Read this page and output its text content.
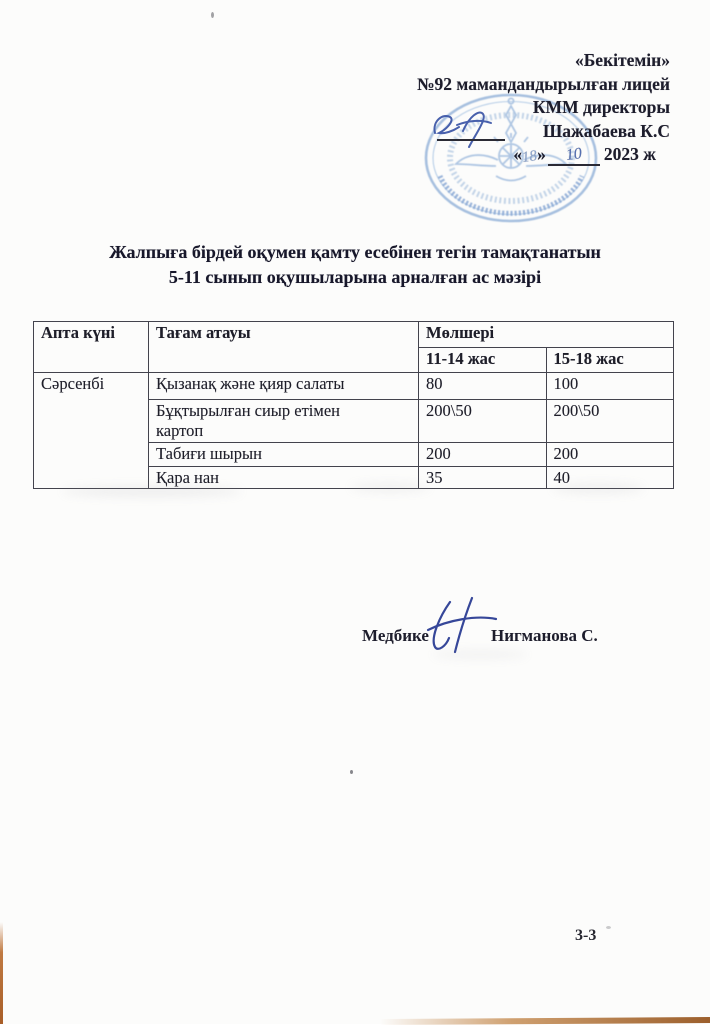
«Бекітемін»
№92 мамандандырылған лицей
КММ директоры
Шажабаева К.С
«18» 10 2023 ж
Жалпыға бірдей оқумен қамту есебінен тегін тамақтанатын
5-11 сынып оқушыларына арналған ас мәзірі
Апта күні	Тағам атауы	Мөлшері	
		11-14 жас	15-18 жас
Сәрсенбі	Қызанақ және қияр салаты	80	100

	Бұқтырылған сиыр етімен картоп	200\50	200\50
	Табиғи шырын	200	200
	Қара нан	35	40
Медбике	Нигманова С.
3-3
